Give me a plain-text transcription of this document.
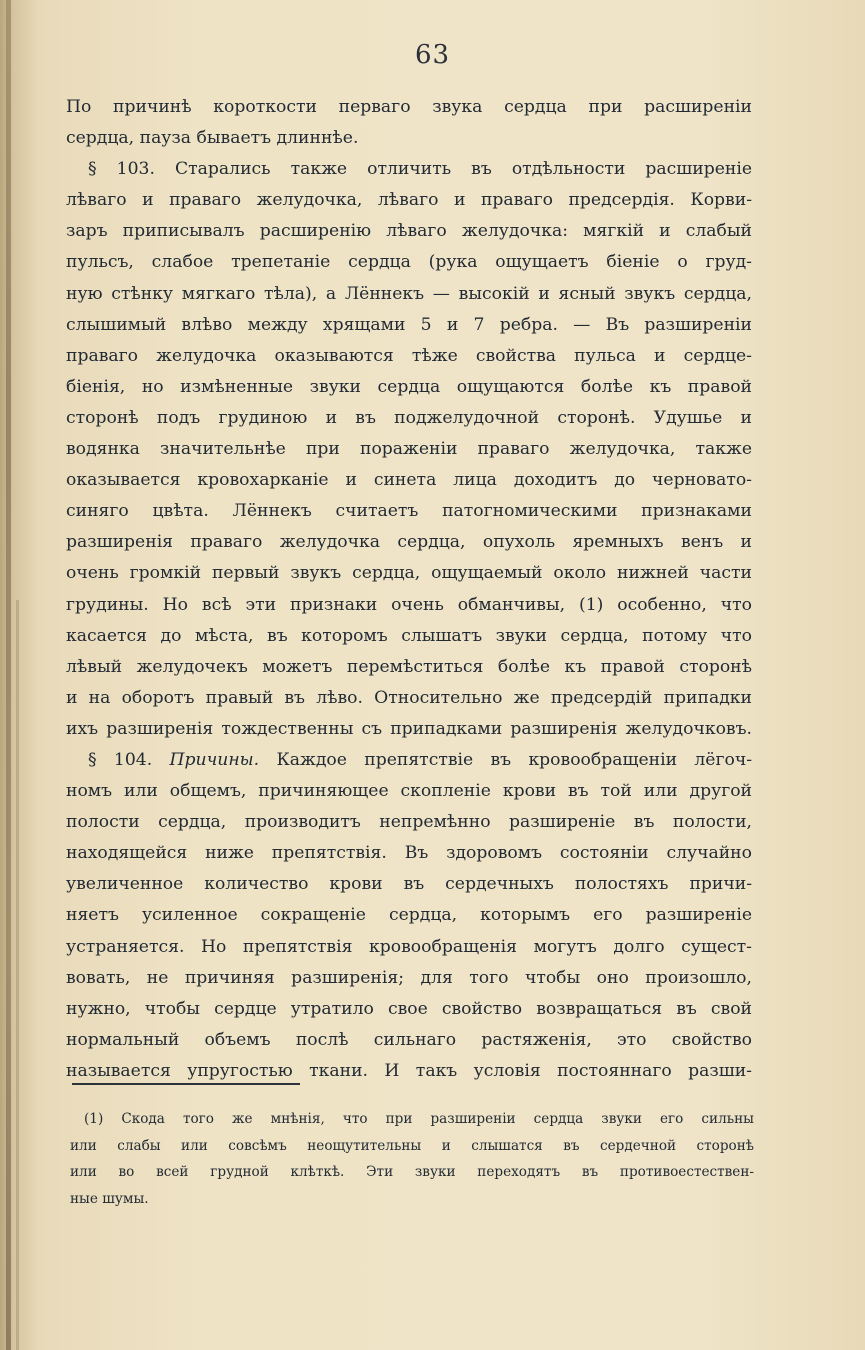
63
По причинѣ короткости перваго звука сердца при расширеніи
сердца, пауза бываетъ длиннѣе.
§ 103. Старались также отличить въ отдѣльности расширеніе
лѣваго и праваго желудочка, лѣваго и праваго предсердія. Корви-
заръ приписывалъ расширенію лѣваго желудочка: мягкій и слабый
пульсъ, слабое трепетаніе сердца (рука ощущаетъ біеніе о груд-
ную стѣнку мягкаго тѣла), а Лённекъ — высокій и ясный звукъ сердца,
слышимый влѣво между хрящами 5 и 7 ребра. — Въ разширеніи
праваго желудочка оказываются тѣже свойства пульса и сердце-
біенія, но измѣненные звуки сердца ощущаются болѣе къ правой
сторонѣ подъ грудиною и въ поджелудочной сторонѣ. Удушье и
водянка значительнѣе при пораженіи праваго желудочка, также
оказывается кровохарканіе и синета лица доходитъ до черновато-
синяго цвѣта. Лённекъ считаетъ патогномическими признаками
разширенія праваго желудочка сердца, опухоль яремныхъ венъ и
очень громкій первый звукъ сердца, ощущаемый около нижней части
грудины. Но всѣ эти признаки очень обманчивы, (1) особенно, что
касается до мѣста, въ которомъ слышатъ звуки сердца, потому что
лѣвый желудочекъ можетъ перемѣститься болѣе къ правой сторонѣ
и на оборотъ правый въ лѣво. Относительно же предсердій припадки
ихъ разширенія тождественны съ припадками разширенія желудочковъ.
§ 104. Причины. Каждое препятствіе въ кровообращеніи лёгоч-
номъ или общемъ, причиняющее скопленіе крови въ той или другой
полости сердца, производитъ непремѣнно разширеніе въ полости,
находящейся ниже препятствія. Въ здоровомъ состояніи случайно
увеличенное количество крови въ сердечныхъ полостяхъ причи-
няетъ усиленное сокращеніе сердца, которымъ его разширеніе
устраняется. Но препятствія кровообращенія могутъ долго сущест-
вовать, не причиняя разширенія; для того чтобы оно произошло,
нужно, чтобы сердце утратило свое свойство возвращаться въ свой
нормальный объемъ послѣ сильнаго растяженія, это свойство
называется упругостью ткани. И такъ условія постояннаго разши-
(1) Скода того же мнѣнія, что при разширеніи сердца звуки его сильны
или слабы или совсѣмъ неощутительны и слышатся въ сердечной сторонѣ
или во всей грудной клѣткѣ. Эти звуки переходятъ въ противоестествен-
ные шумы.
